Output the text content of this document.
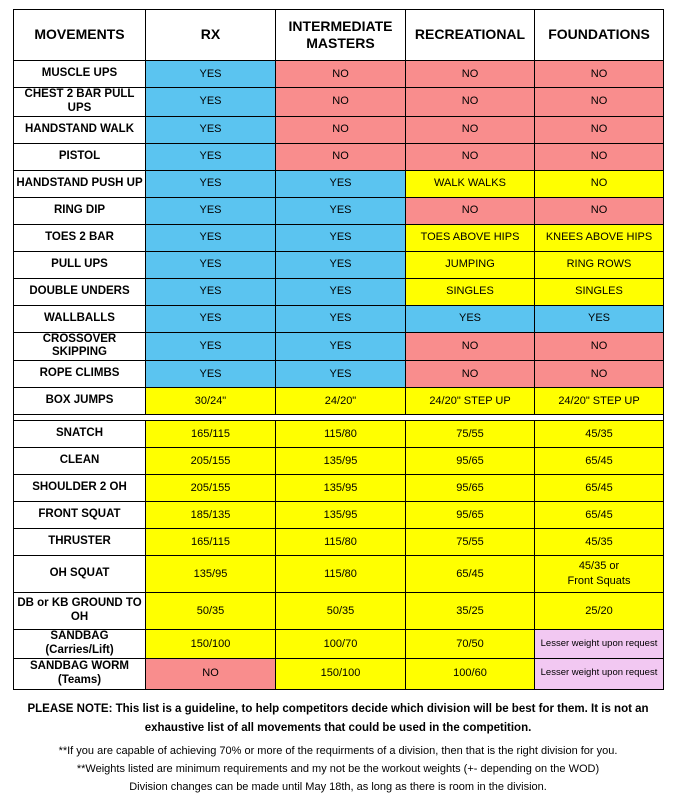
MOVEMENTS	RX	INTERMEDIATE MASTERS	RECREATIONAL	FOUNDATIONS
MUSCLE UPS	YES	NO	NO	NO
CHEST 2 BAR PULL UPS	YES	NO	NO	NO
HANDSTAND WALK	YES	NO	NO	NO
PISTOL	YES	NO	NO	NO
HANDSTAND PUSH UP	YES	YES	WALK WALKS	NO
RING DIP	YES	YES	NO	NO
TOES 2 BAR	YES	YES	TOES ABOVE HIPS	KNEES ABOVE HIPS
PULL UPS	YES	YES	JUMPING	RING ROWS
DOUBLE UNDERS	YES	YES	SINGLES	SINGLES
WALLBALLS	YES	YES	YES	YES
CROSSOVER SKIPPING	YES	YES	NO	NO
ROPE CLIMBS	YES	YES	NO	NO
BOX JUMPS	30/24"	24/20"	24/20" STEP UP	24/20" STEP UP

SNATCH	165/115	115/80	75/55	45/35
CLEAN	205/155	135/95	95/65	65/45
SHOULDER 2 OH	205/155	135/95	95/65	65/45
FRONT SQUAT	185/135	135/95	95/65	65/45
THRUSTER	165/115	115/80	75/55	45/35
OH SQUAT	135/95	115/80	65/45	45/35 or
Front Squats
DB or KB GROUND TO OH	50/35	50/35	35/25	25/20
SANDBAG (Carries/Lift)	150/100	100/70	70/50	Lesser weight upon request
SANDBAG WORM (Teams)	NO	150/100	100/60	Lesser weight upon request

PLEASE NOTE: This list is a guideline, to help competitors decide which division will be best for them. It is not an exhaustive list of all movements that could be used in the competition.

**If you are capable of achieving 70% or more of the requirments of a division, then that is the right division for you.

**Weights listed are minimum requirements and my not be the workout weights (+- depending on the WOD)

Division changes can be made until May 18th, as long as there is room in the division.
